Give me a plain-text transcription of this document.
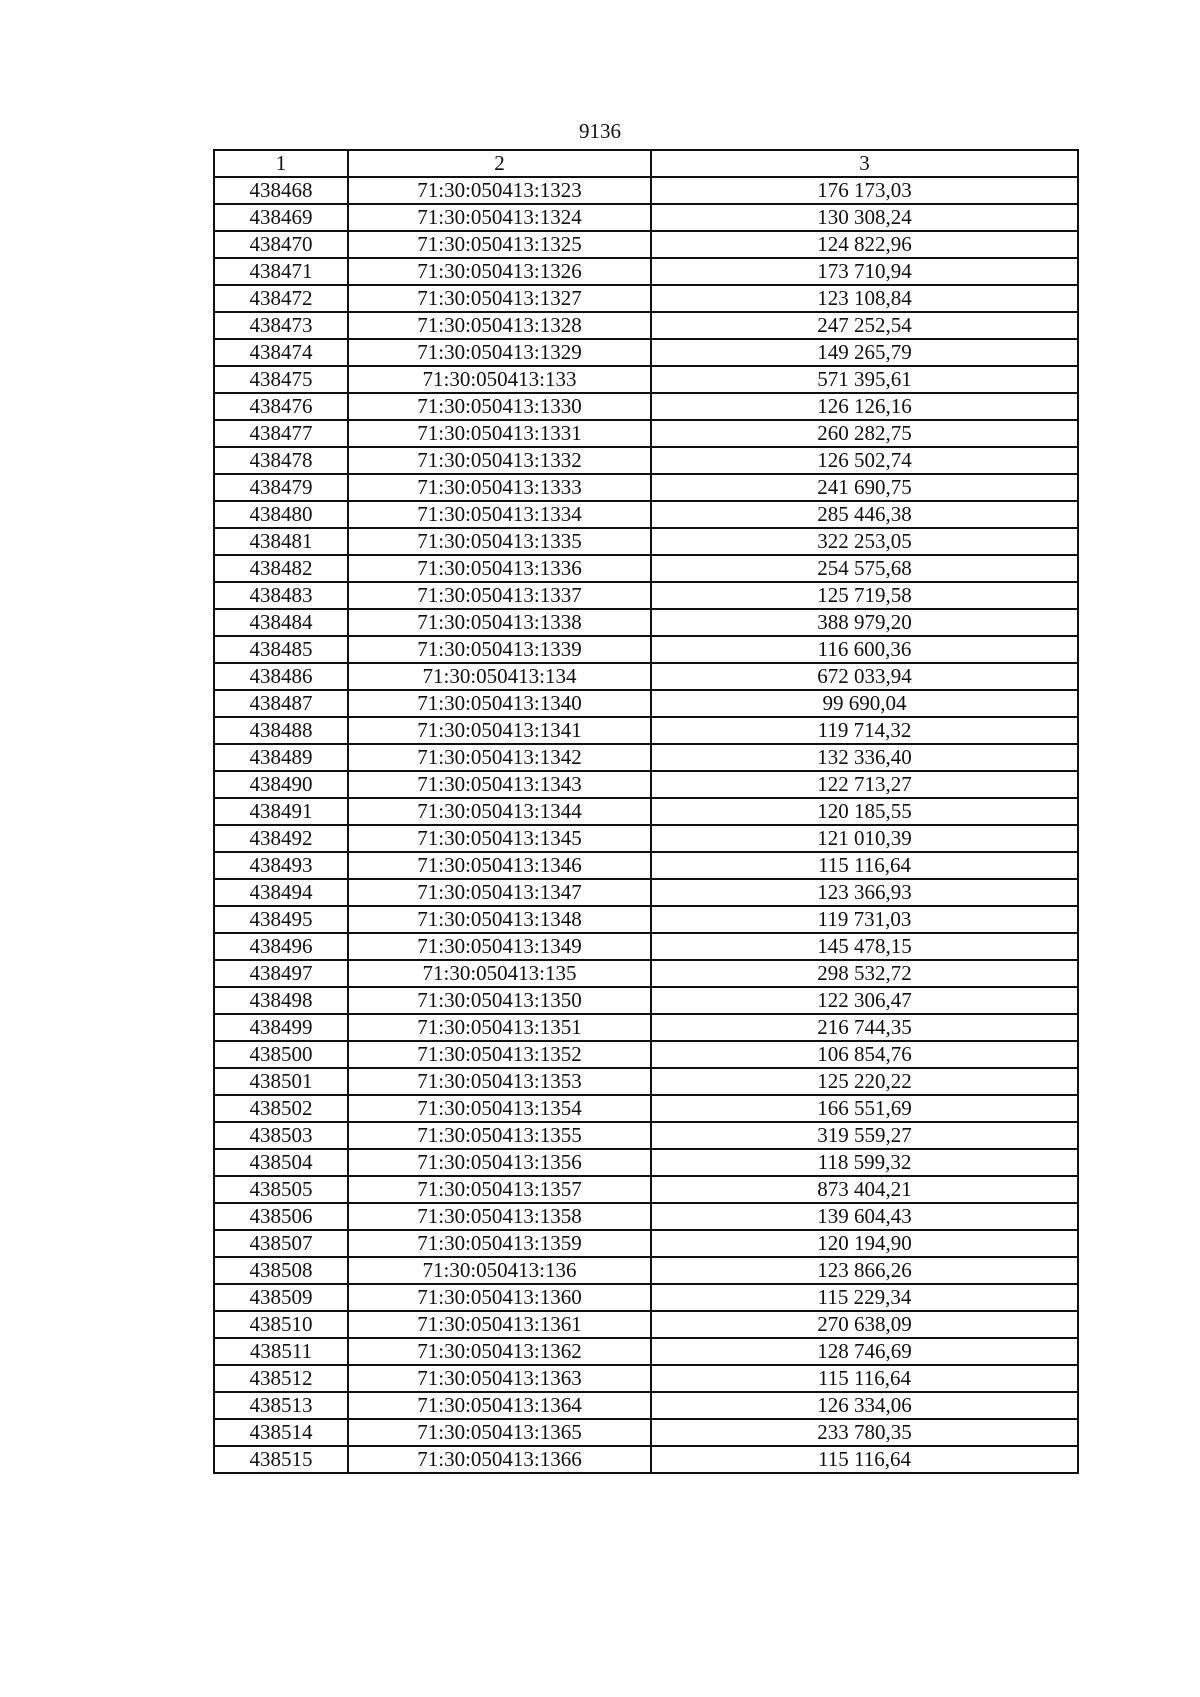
9136
1	2	3
438468	71:30:050413:1323	176 173,03
438469	71:30:050413:1324	130 308,24
438470	71:30:050413:1325	124 822,96
438471	71:30:050413:1326	173 710,94
438472	71:30:050413:1327	123 108,84
438473	71:30:050413:1328	247 252,54
438474	71:30:050413:1329	149 265,79
438475	71:30:050413:133	571 395,61
438476	71:30:050413:1330	126 126,16
438477	71:30:050413:1331	260 282,75
438478	71:30:050413:1332	126 502,74
438479	71:30:050413:1333	241 690,75
438480	71:30:050413:1334	285 446,38
438481	71:30:050413:1335	322 253,05
438482	71:30:050413:1336	254 575,68
438483	71:30:050413:1337	125 719,58
438484	71:30:050413:1338	388 979,20
438485	71:30:050413:1339	116 600,36
438486	71:30:050413:134	672 033,94
438487	71:30:050413:1340	99 690,04
438488	71:30:050413:1341	119 714,32
438489	71:30:050413:1342	132 336,40
438490	71:30:050413:1343	122 713,27
438491	71:30:050413:1344	120 185,55
438492	71:30:050413:1345	121 010,39
438493	71:30:050413:1346	115 116,64
438494	71:30:050413:1347	123 366,93
438495	71:30:050413:1348	119 731,03
438496	71:30:050413:1349	145 478,15
438497	71:30:050413:135	298 532,72
438498	71:30:050413:1350	122 306,47
438499	71:30:050413:1351	216 744,35
438500	71:30:050413:1352	106 854,76
438501	71:30:050413:1353	125 220,22
438502	71:30:050413:1354	166 551,69
438503	71:30:050413:1355	319 559,27
438504	71:30:050413:1356	118 599,32
438505	71:30:050413:1357	873 404,21
438506	71:30:050413:1358	139 604,43
438507	71:30:050413:1359	120 194,90
438508	71:30:050413:136	123 866,26
438509	71:30:050413:1360	115 229,34
438510	71:30:050413:1361	270 638,09
438511	71:30:050413:1362	128 746,69
438512	71:30:050413:1363	115 116,64
438513	71:30:050413:1364	126 334,06
438514	71:30:050413:1365	233 780,35
438515	71:30:050413:1366	115 116,64
